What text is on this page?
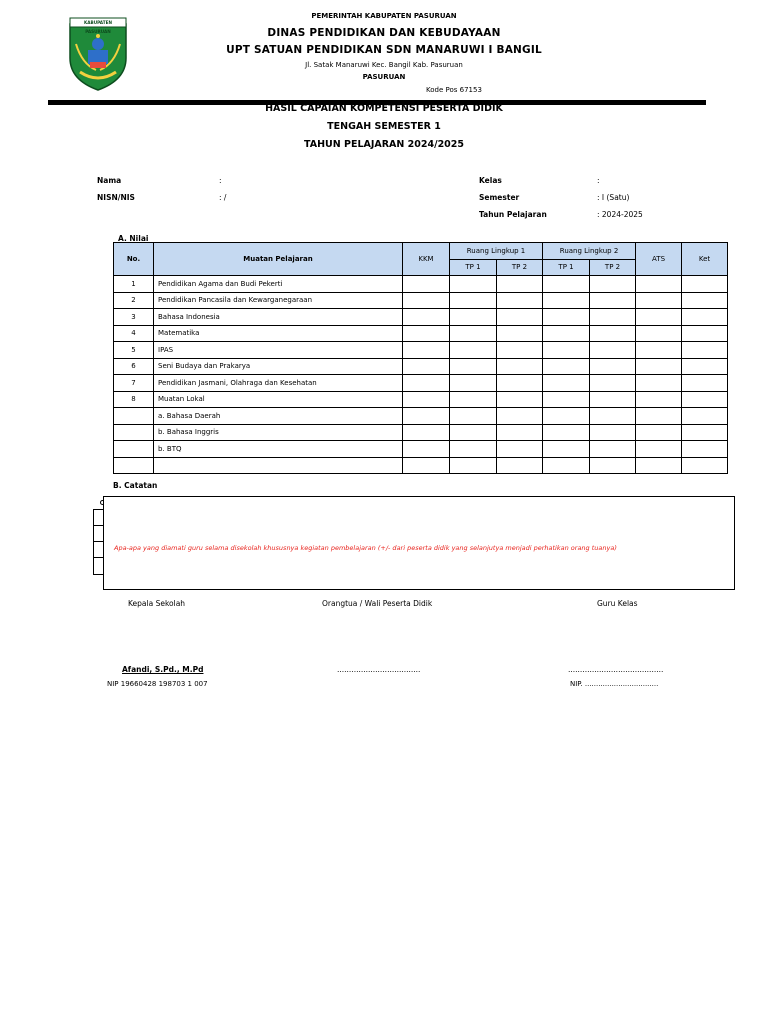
KABUPATEN PASURUAN
PEMERINTAH KABUPATEN PASURUAN
DINAS PENDIDIKAN DAN KEBUDAYAAN
UPT SATUAN PENDIDIKAN SDN MANARUWI I BANGIL
Jl. Satak Manaruwi Kec. Bangil Kab. Pasuruan
PASURUAN
Kode Pos 67153
HASIL CAPAIAN KOMPETENSI PESERTA DIDIK
TENGAH SEMESTER 1
TAHUN PELAJARAN 2024/2025
Nama	:
NISN/NIS	: /
Kelas	:
Semester	: I (Satu)
Tahun Pelajaran	: 2024-2025
A. Nilai
No.	Muatan Pelajaran	KKM	Ruang Lingkup 1		Ruang Lingkup 2		ATS	Ket
			TP 1	TP 2	TP 1	TP 2		
1	Pendidikan Agama dan Budi Pekerti							
2	Pendidikan Pancasila dan Kewarganegaraan							
3	Bahasa Indonesia							
4	Matematika							
5	IPAS							
6	Seni Budaya dan Prakarya							
7	Pendidikan Jasmani, Olahraga dan Kesehatan							
8	Muatan Lokal							
	a. Bahasa Daerah							
	b. Bahasa Inggris							
	b. BTQ							

B. Catatan
Apa-apa yang diamati guru selama disekolah khususnya kegiatan pembelajaran (+/- dari peserta didik yang selanjutya menjadi perhatikan orang tuanya)
Kepala Sekolah	Orangtua / Wali Peserta Didik	Guru Kelas
Afandi, S.Pd., M.Pd	...................................	........................................
NIP 19660428 198703 1 007	NIP. .................................
